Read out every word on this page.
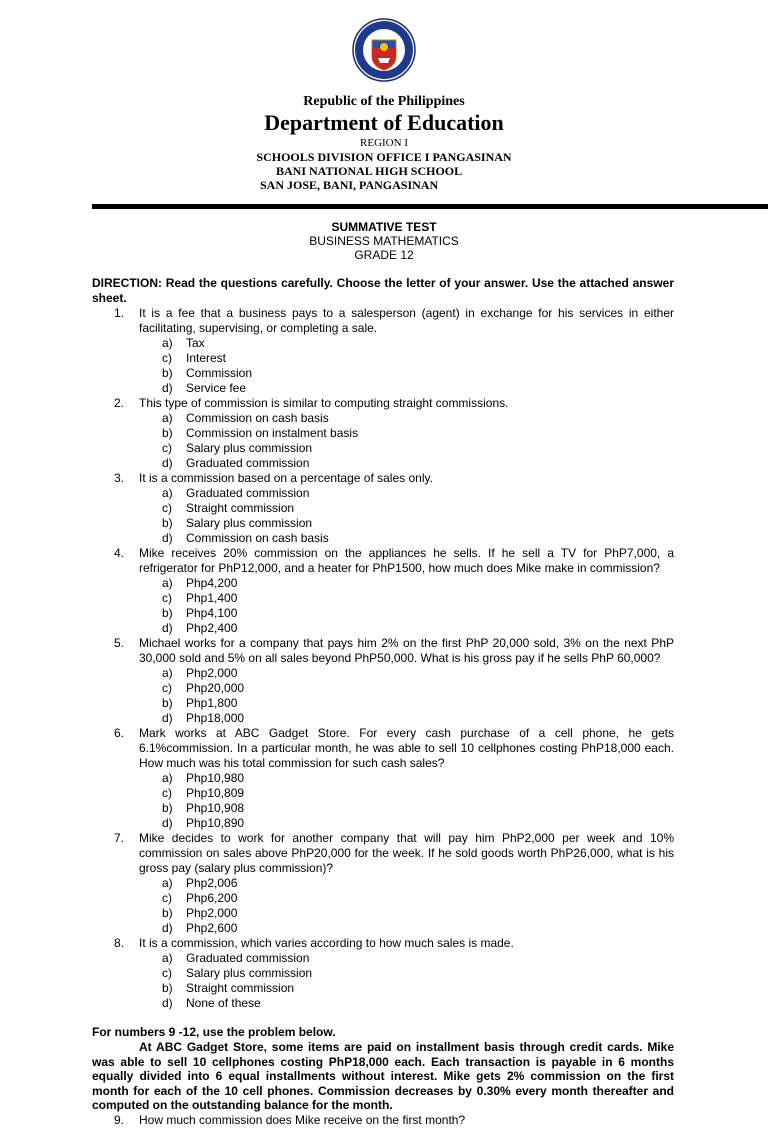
Republic of the Philippines
Department of Education
REGION I
SCHOOLS DIVISION OFFICE I PANGASINAN
BANI NATIONAL HIGH SCHOOL
SAN JOSE, BANI, PANGASINAN
SUMMATIVE TEST
BUSINESS MATHEMATICS
GRADE 12
DIRECTION: Read the questions carefully. Choose the letter of your answer. Use the attached answer sheet.
1. It is a fee that a business pays to a salesperson (agent) in exchange for his services in either facilitating, supervising, or completing a sale.
a)	Tax
c)	Interest
b)	Commission
d)	Service fee
2. This type of commission is similar to computing straight commissions.
a)	Commission on cash basis
b)	Commission on instalment basis
c)	Salary plus commission
d)	Graduated commission
3. It is a commission based on a percentage of sales only.
a)	Graduated commission
c)	Straight commission
b)	Salary plus commission
d)	Commission on cash basis
4. Mike receives 20% commission on the appliances he sells. If he sell a TV for PhP7,000, a refrigerator for PhP12,000, and a heater for PhP1500, how much does Mike make in commission?
a)	Php4,200
c)	Php1,400
b)	Php4,100
d)	Php2,400
5. Michael works for a company that pays him 2% on the first PhP 20,000 sold, 3% on the next PhP 30,000 sold and 5% on all sales beyond PhP50,000. What is his gross pay if he sells PhP 60,000?
a)	Php2,000
c)	Php20,000
b)	Php1,800
d)	Php18,000
6. Mark works at ABC Gadget Store. For every cash purchase of a cell phone, he gets 6.1%commission. In a particular month, he was able to sell 10 cellphones costing PhP18,000 each. How much was his total commission for such cash sales?
a)	Php10,980
c)	Php10,809
b)	Php10,908
d)	Php10,890
7. Mike decides to work for another company that will pay him PhP2,000 per week and 10% commission on sales above PhP20,000 for the week. If he sold goods worth PhP26,000, what is his gross pay (salary plus commission)?
a)	Php2,006
c)	Php6,200
b)	Php2,000
d)	Php2,600
8. It is a commission, which varies according to how much sales is made.
a)	Graduated commission
c)	Salary plus commission
b)	Straight commission
d)	None of these
For numbers 9 -12, use the problem below.
At ABC Gadget Store, some items are paid on installment basis through credit cards. Mike was able to sell 10 cellphones costing PhP18,000 each. Each transaction is payable in 6 months equally divided into 6 equal installments without interest. Mike gets 2% commission on the first month for each of the 10 cell phones. Commission decreases by 0.30% every month thereafter and computed on the outstanding balance for the month.
9. How much commission does Mike receive on the first month?
